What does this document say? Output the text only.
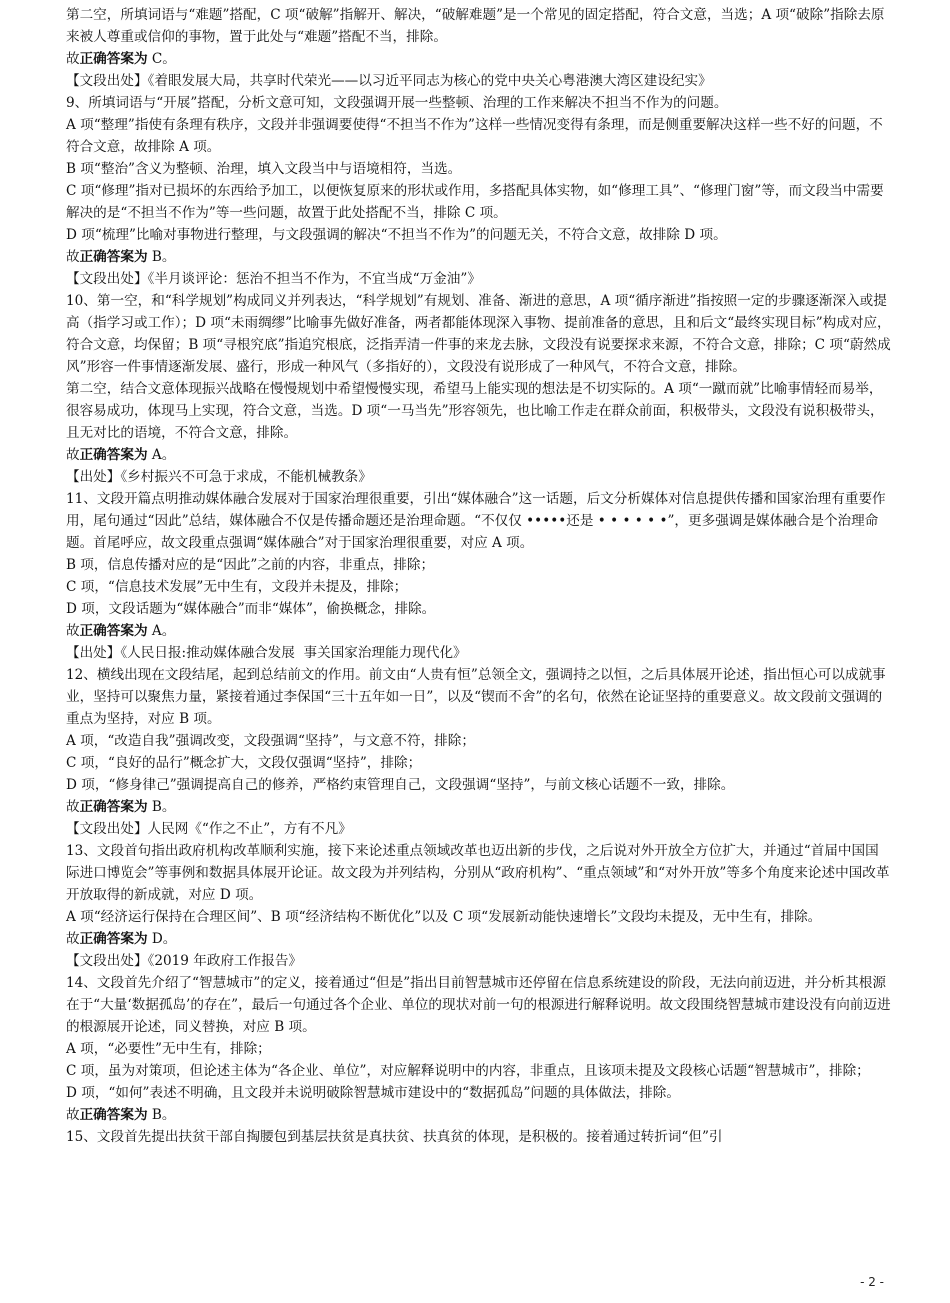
第二空，所填词语与“难题”搭配，C 项“破解”指解开、解决，“破解难题”是一个常见的固定搭配，符合文意，当选；A 项“破除”指除去原来被人尊重或信仰的事物，置于此处与“难题”搭配不当，排除。

故正确答案为 C。

【文段出处】《着眼发展大局，共享时代荣光——以习近平同志为核心的党中央关心粤港澳大湾区建设纪实》

9、所填词语与“开展”搭配，分析文意可知，文段强调开展一些整顿、治理的工作来解决不担当不作为的问题。

A 项“整理”指使有条理有秩序，文段并非强调要使得“不担当不作为”这样一些情况变得有条理，而是侧重要解决这样一些不好的问题，不符合文意，故排除 A 项。

B 项“整治”含义为整顿、治理，填入文段当中与语境相符，当选。

C 项“修理”指对已损坏的东西给予加工，以便恢复原来的形状或作用，多搭配具体实物，如“修理工具”、“修理门窗”等，而文段当中需要解决的是“不担当不作为”等一些问题，故置于此处搭配不当，排除 C 项。

D 项“梳理”比喻对事物进行整理，与文段强调的解决“不担当不作为”的问题无关，不符合文意，故排除 D 项。

故正确答案为 B。

【文段出处】《半月谈评论：惩治不担当不作为，不宜当成“万金油”》

10、第一空，和“科学规划”构成同义并列表达，“科学规划”有规划、准备、渐进的意思，A 项“循序渐进”指按照一定的步骤逐渐深入或提高（指学习或工作）；D 项“未雨绸缪”比喻事先做好准备，两者都能体现深入事物、提前准备的意思，且和后文“最终实现目标”构成对应，符合文意，均保留；B 项“寻根究底”指追究根底，泛指弄清一件事的来龙去脉，文段没有说要探求来源，不符合文意，排除；C 项“蔚然成风”形容一件事情逐渐发展、盛行，形成一种风气（多指好的），文段没有说形成了一种风气，不符合文意，排除。

第二空，结合文意体现振兴战略在慢慢规划中希望慢慢实现，希望马上能实现的想法是不切实际的。A 项“一蹴而就”比喻事情轻而易举，很容易成功，体现马上实现，符合文意，当选。D 项“一马当先”形容领先，也比喻工作走在群众前面，积极带头，文段没有说积极带头，且无对比的语境，不符合文意，排除。

故正确答案为 A。

【出处】《乡村振兴不可急于求成，不能机械教条》

11、文段开篇点明推动媒体融合发展对于国家治理很重要，引出“媒体融合”这一话题，后文分析媒体对信息提供传播和国家治理有重要作用，尾句通过“因此”总结，媒体融合不仅是传播命题还是治理命题。“不仅仅 •••••还是 • • • • • •”，更多强调是媒体融合是个治理命题。首尾呼应，故文段重点强调“媒体融合”对于国家治理很重要，对应 A 项。

B 项，信息传播对应的是“因此”之前的内容，非重点，排除；

C 项，“信息技术发展”无中生有，文段并未提及，排除；

D 项，文段话题为“媒体融合”而非“媒体”，偷换概念，排除。

故正确答案为 A。

【出处】《人民日报:推动媒体融合发展  事关国家治理能力现代化》

12、横线出现在文段结尾，起到总结前文的作用。前文由“人贵有恒”总领全文，强调持之以恒，之后具体展开论述，指出恒心可以成就事业，坚持可以聚焦力量，紧接着通过李保国“三十五年如一日”，以及“锲而不舍”的名句，依然在论证坚持的重要意义。故文段前文强调的重点为坚持，对应 B 项。

A 项，“改造自我”强调改变，文段强调“坚持”，与文意不符，排除；

C 项，“良好的品行”概念扩大，文段仅强调“坚持”，排除；

D 项，“修身律己”强调提高自己的修养，严格约束管理自己，文段强调“坚持”，与前文核心话题不一致，排除。

故正确答案为 B。

【文段出处】人民网《“作之不止”，方有不凡》

13、文段首句指出政府机构改革顺利实施，接下来论述重点领域改革也迈出新的步伐，之后说对外开放全方位扩大，并通过“首届中国国际进口博览会”等事例和数据具体展开论证。故文段为并列结构，分别从“政府机构”、“重点领域”和“对外开放”等多个角度来论述中国改革开放取得的新成就，对应 D 项。

A 项“经济运行保持在合理区间”、B 项“经济结构不断优化”以及 C 项“发展新动能快速增长”文段均未提及，无中生有，排除。

故正确答案为 D。

【文段出处】《2019 年政府工作报告》

14、文段首先介绍了“智慧城市”的定义，接着通过“但是”指出目前智慧城市还停留在信息系统建设的阶段，无法向前迈进，并分析其根源在于“大量‘数据孤岛’的存在”，最后一句通过各个企业、单位的现状对前一句的根源进行解释说明。故文段围绕智慧城市建设没有向前迈进的根源展开论述，同义替换，对应 B 项。

A 项，“必要性”无中生有，排除；

C 项，虽为对策项，但论述主体为“各企业、单位”，对应解释说明中的内容，非重点，且该项未提及文段核心话题“智慧城市”，排除；

D 项，“如何”表述不明确，且文段并未说明破除智慧城市建设中的“数据孤岛”问题的具体做法，排除。

故正确答案为 B。

15、文段首先提出扶贫干部自掏腰包到基层扶贫是真扶贫、扶真贫的体现，是积极的。接着通过转折词“但”引

- 2 -
